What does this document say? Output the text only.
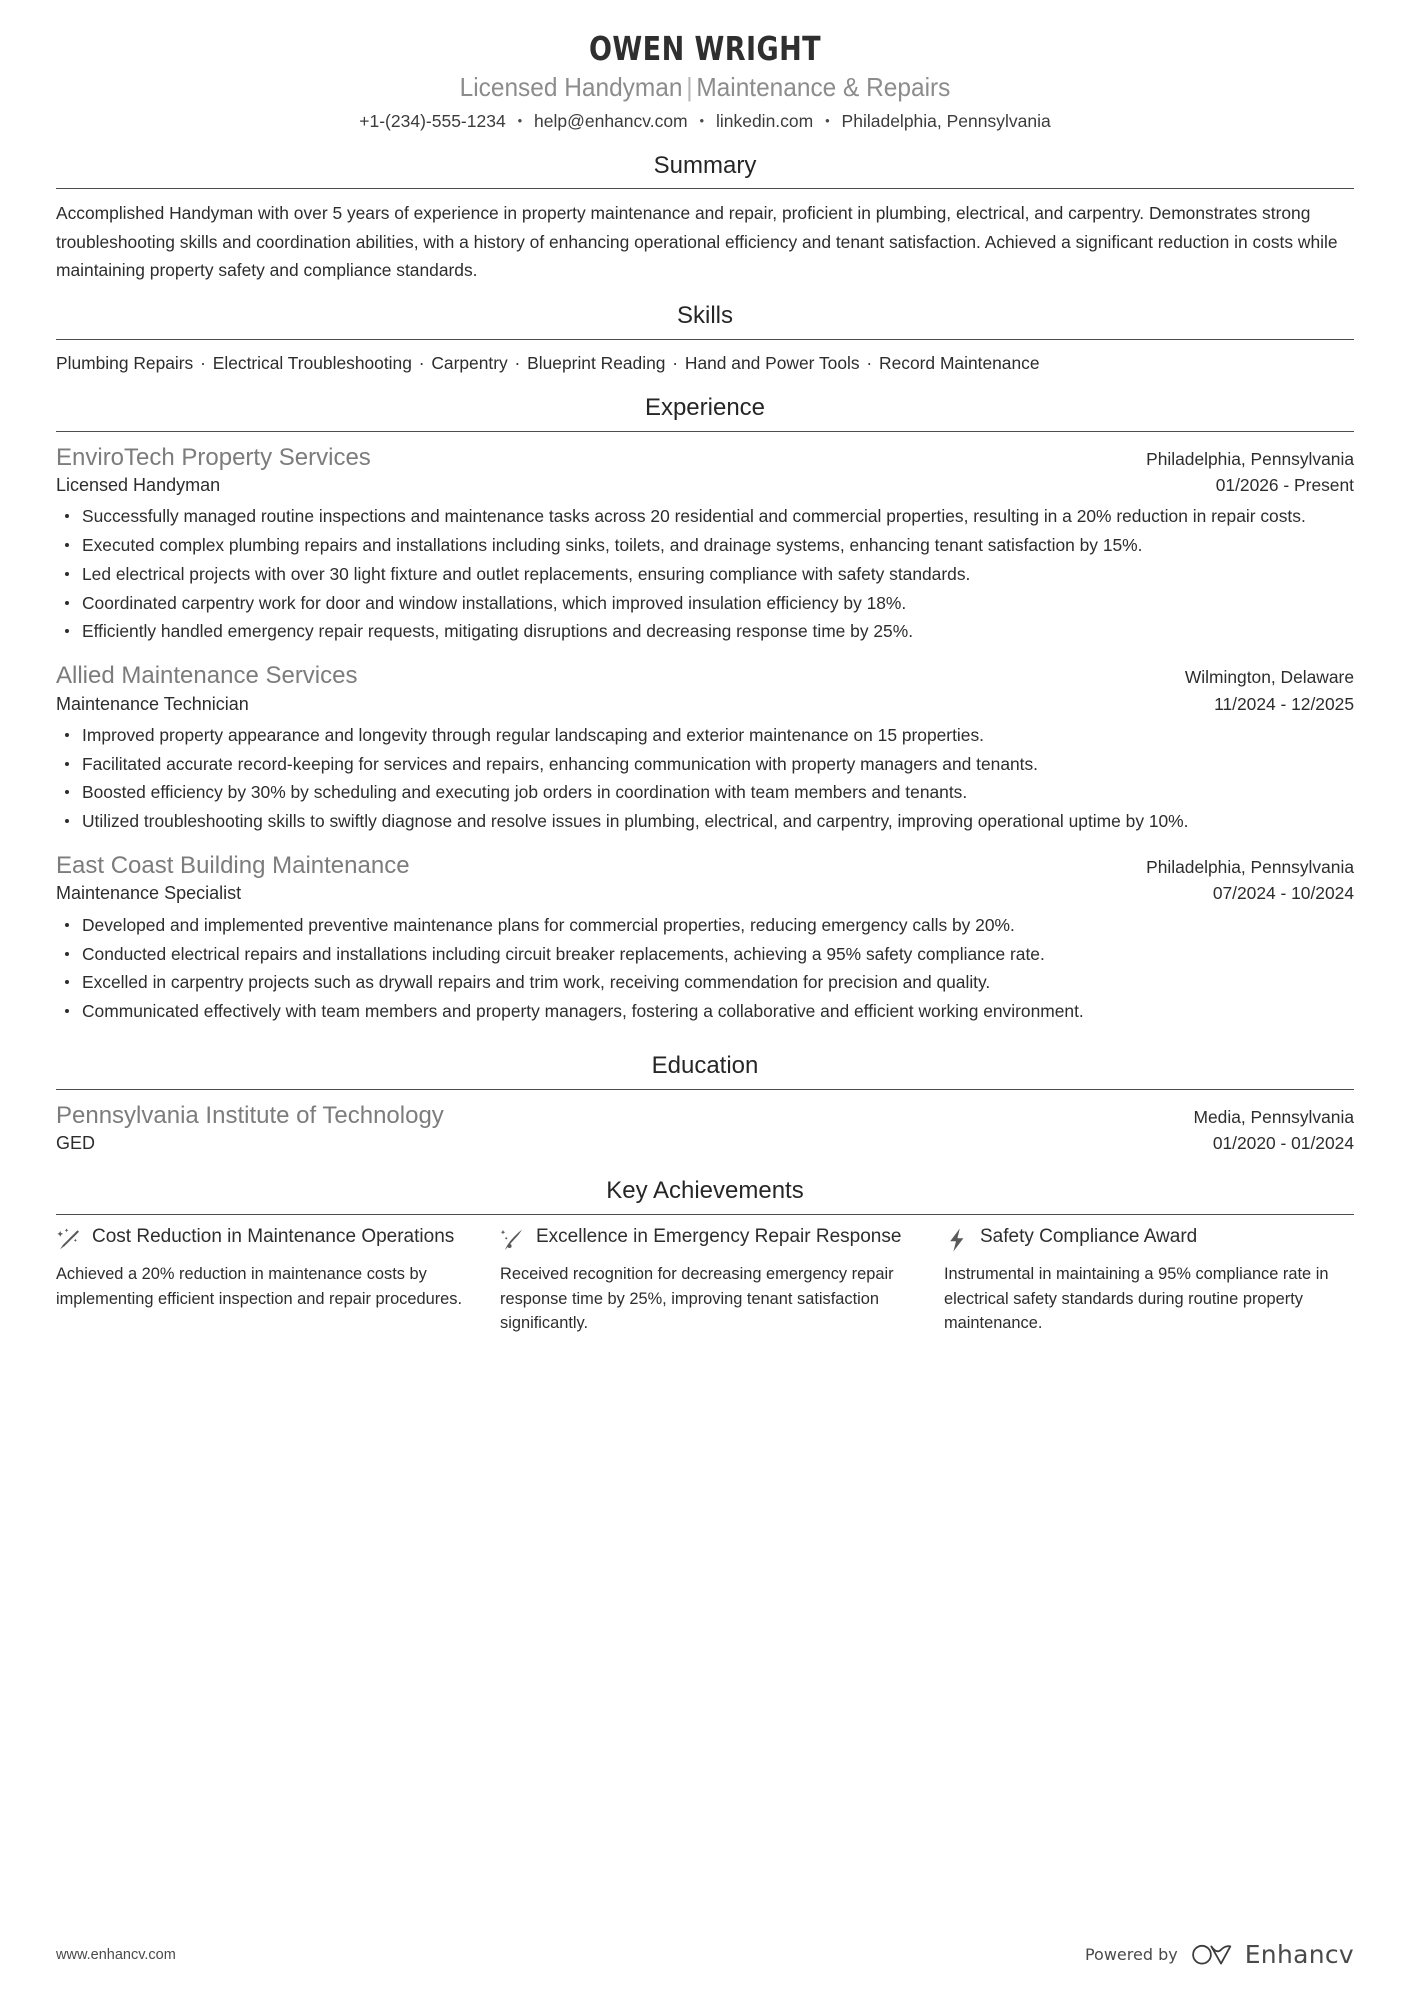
OWEN WRIGHT
Licensed Handyman | Maintenance & Repairs
+1-(234)-555-1234 • help@enhancv.com • linkedin.com • Philadelphia, Pennsylvania
Summary

Accomplished Handyman with over 5 years of experience in property maintenance and repair, proficient in plumbing, electrical, and carpentry. Demonstrates strong troubleshooting skills and coordination abilities, with a history of enhancing operational efficiency and tenant satisfaction. Achieved a significant reduction in costs while maintaining property safety and compliance standards.

Skills

Plumbing Repairs · Electrical Troubleshooting · Carpentry · Blueprint Reading · Hand and Power Tools · Record Maintenance

Experience
EnviroTech Property Services	Philadelphia, Pennsylvania
Licensed Handyman	01/2026 - Present
Successfully managed routine inspections and maintenance tasks across 20 residential and commercial properties, resulting in a 20% reduction in repair costs.
Executed complex plumbing repairs and installations including sinks, toilets, and drainage systems, enhancing tenant satisfaction by 15%.
Led electrical projects with over 30 light fixture and outlet replacements, ensuring compliance with safety standards.
Coordinated carpentry work for door and window installations, which improved insulation efficiency by 18%.
Efficiently handled emergency repair requests, mitigating disruptions and decreasing response time by 25%.
Allied Maintenance Services	Wilmington, Delaware
Maintenance Technician	11/2024 - 12/2025
Improved property appearance and longevity through regular landscaping and exterior maintenance on 15 properties.
Facilitated accurate record-keeping for services and repairs, enhancing communication with property managers and tenants.
Boosted efficiency by 30% by scheduling and executing job orders in coordination with team members and tenants.
Utilized troubleshooting skills to swiftly diagnose and resolve issues in plumbing, electrical, and carpentry, improving operational uptime by 10%.
East Coast Building Maintenance	Philadelphia, Pennsylvania
Maintenance Specialist	07/2024 - 10/2024
Developed and implemented preventive maintenance plans for commercial properties, reducing emergency calls by 20%.
Conducted electrical repairs and installations including circuit breaker replacements, achieving a 95% safety compliance rate.
Excelled in carpentry projects such as drywall repairs and trim work, receiving commendation for precision and quality.
Communicated effectively with team members and property managers, fostering a collaborative and efficient working environment.
Education
Pennsylvania Institute of Technology	Media, Pennsylvania
GED	01/2020 - 01/2024
Key Achievements
Cost Reduction in Maintenance Operations
Achieved a 20% reduction in maintenance costs by implementing efficient inspection and repair procedures.
Excellence in Emergency Repair Response
Received recognition for decreasing emergency repair response time by 25%, improving tenant satisfaction significantly.
Safety Compliance Award
Instrumental in maintaining a 95% compliance rate in electrical safety standards during routine property maintenance.
www.enhancv.com	Powered by	Enhancv
